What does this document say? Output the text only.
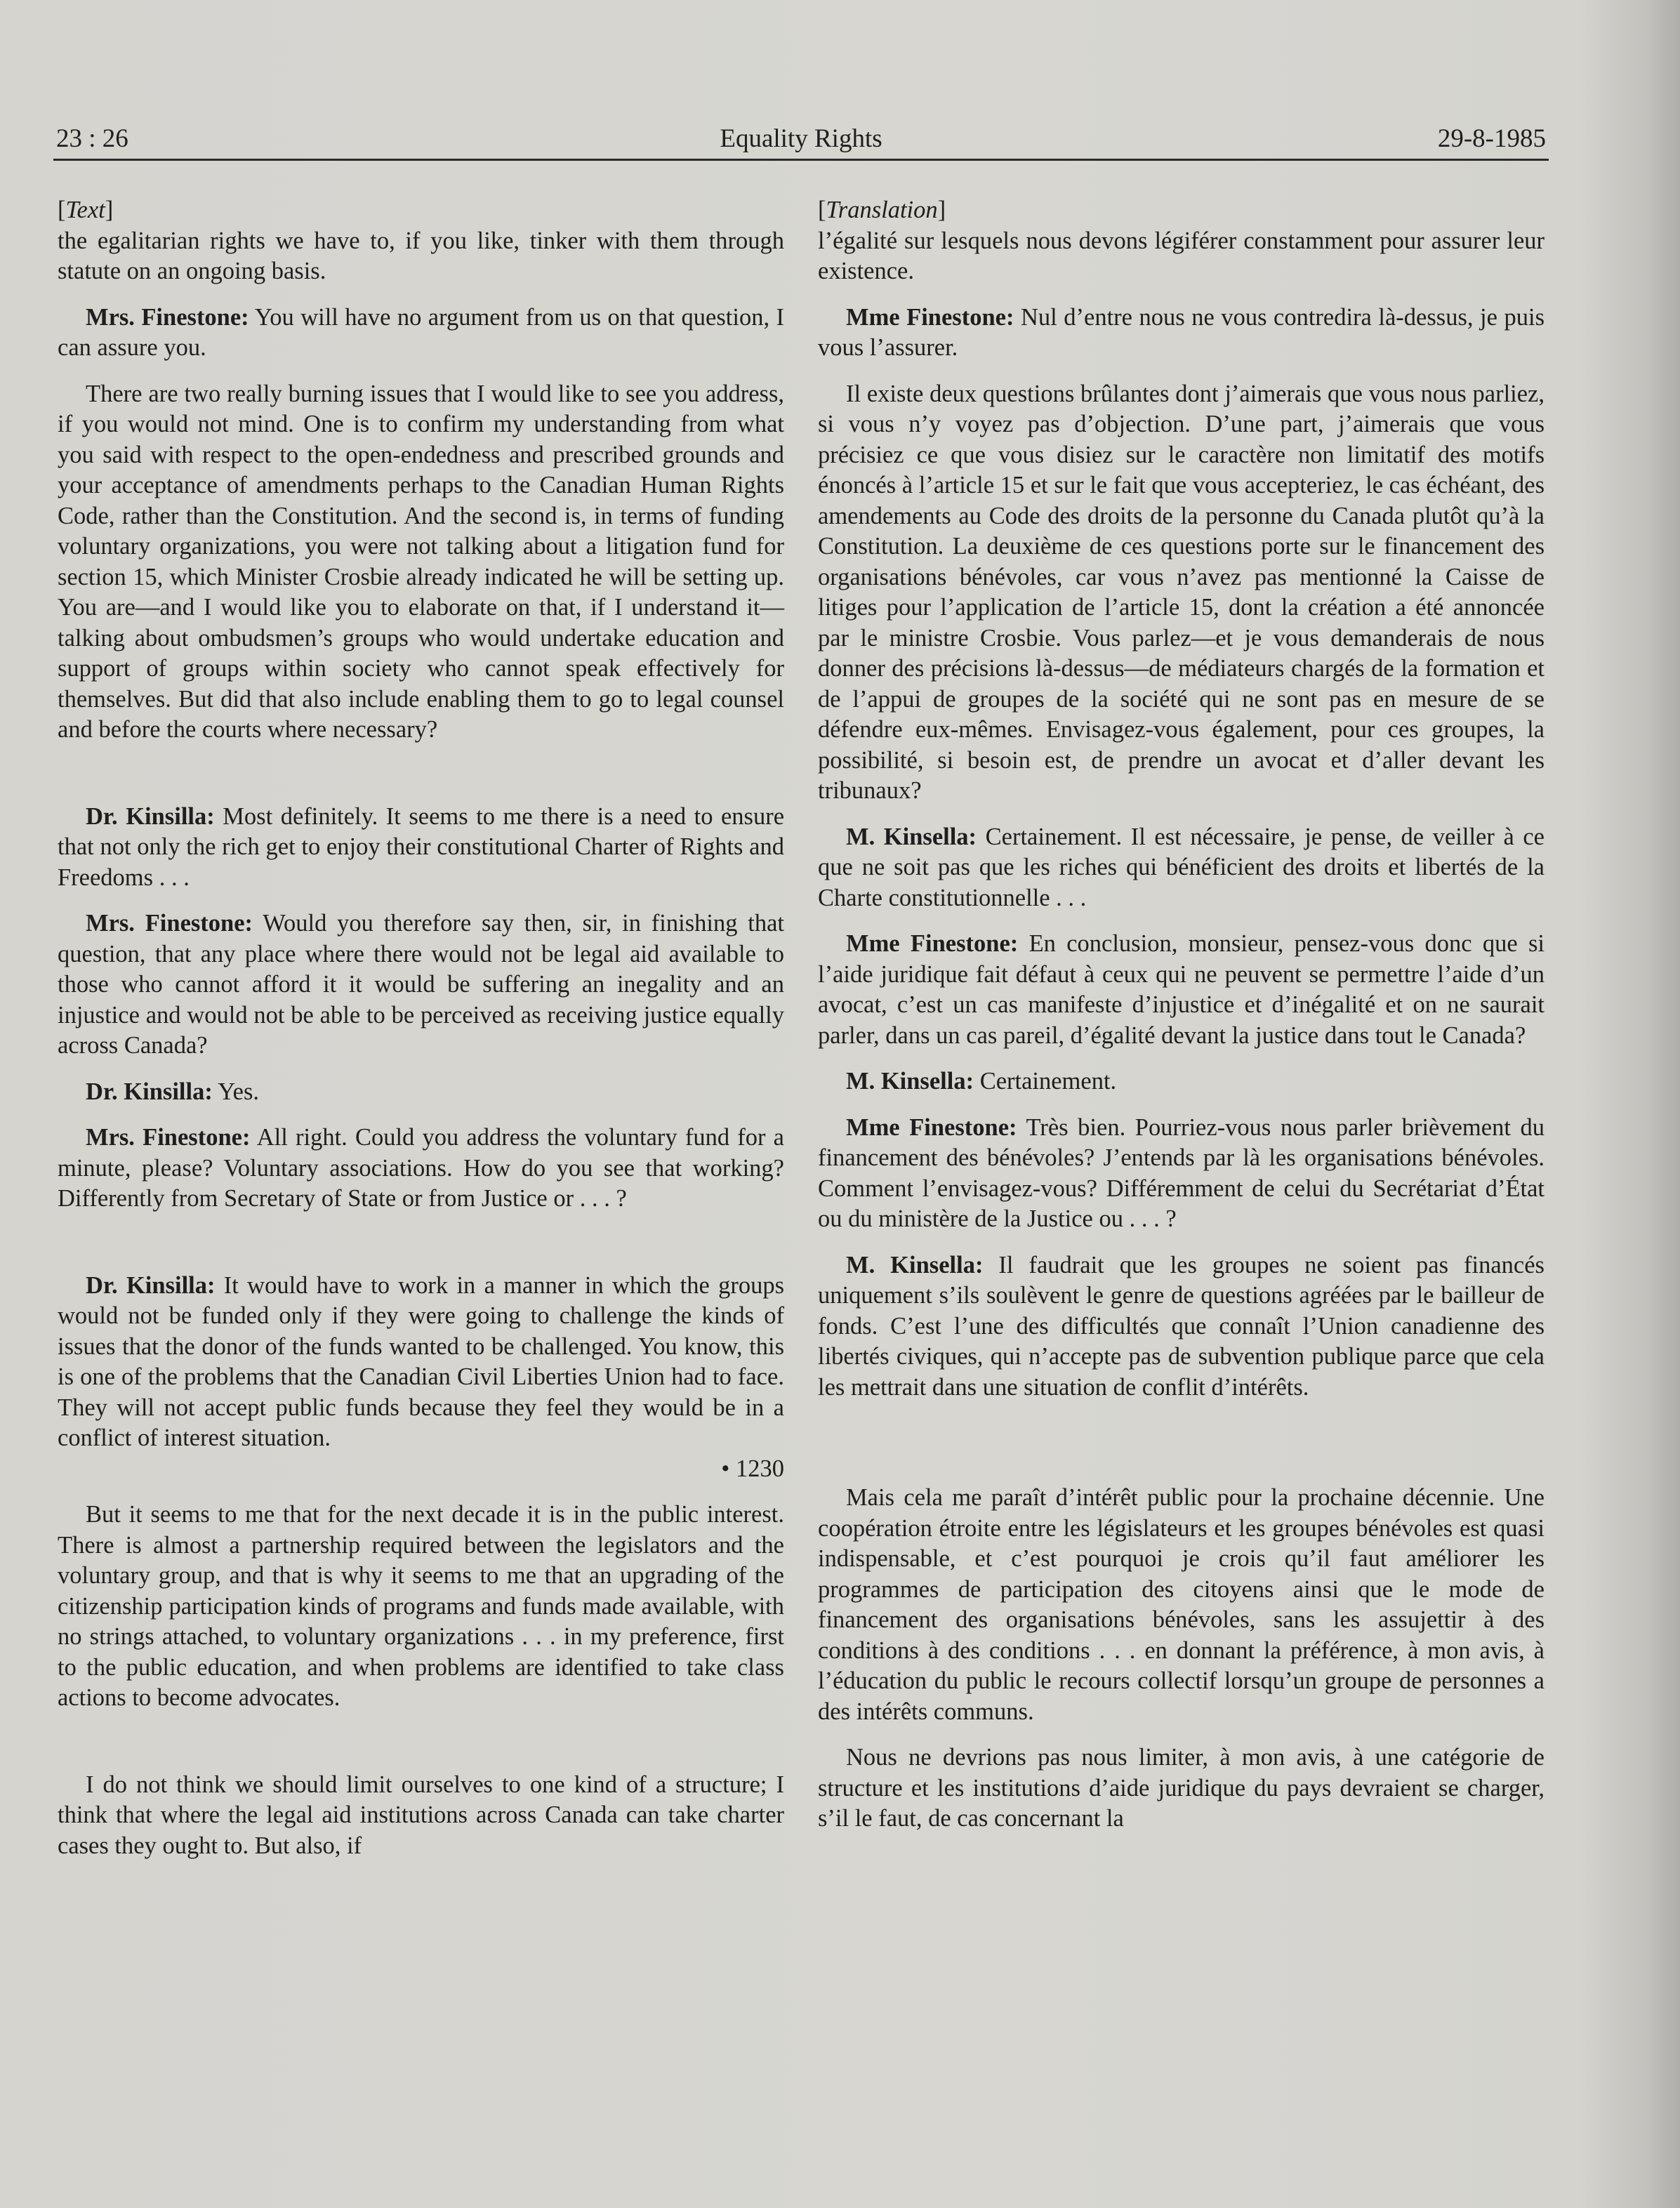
23 : 26	Equality Rights	29-8-1985

[Text]

the egalitarian rights we have to, if you like, tinker with them through statute on an ongoing basis.

Mrs. Finestone: You will have no argument from us on that question, I can assure you.

There are two really burning issues that I would like to see you address, if you would not mind. One is to confirm my understanding from what you said with respect to the open-endedness and prescribed grounds and your acceptance of amendments perhaps to the Canadian Human Rights Code, rather than the Constitution. And the second is, in terms of funding voluntary organizations, you were not talking about a litigation fund for section 15, which Minister Crosbie already indicated he will be setting up. You are—and I would like you to elaborate on that, if I understand it—talking about ombudsmen’s groups who would undertake education and support of groups within society who cannot speak effectively for themselves. But did that also include enabling them to go to legal counsel and before the courts where necessary?

Dr. Kinsilla: Most definitely. It seems to me there is a need to ensure that not only the rich get to enjoy their constitutional Charter of Rights and Freedoms . . .

Mrs. Finestone: Would you therefore say then, sir, in finishing that question, that any place where there would not be legal aid available to those who cannot afford it it would be suffering an inegality and an injustice and would not be able to be perceived as receiving justice equally across Canada?

Dr. Kinsilla: Yes.

Mrs. Finestone: All right. Could you address the voluntary fund for a minute, please? Voluntary associations. How do you see that working? Differently from Secretary of State or from Justice or . . . ?

Dr. Kinsilla: It would have to work in a manner in which the groups would not be funded only if they were going to challenge the kinds of issues that the donor of the funds wanted to be challenged. You know, this is one of the problems that the Canadian Civil Liberties Union had to face. They will not accept public funds because they feel they would be in a conflict of interest situation.

• 1230

But it seems to me that for the next decade it is in the public interest. There is almost a partnership required between the legislators and the voluntary group, and that is why it seems to me that an upgrading of the citizenship participation kinds of programs and funds made available, with no strings attached, to voluntary organizations . . . in my preference, first to the public education, and when problems are identified to take class actions to become advocates.

I do not think we should limit ourselves to one kind of a structure; I think that where the legal aid institutions across Canada can take charter cases they ought to. But also, if

[Translation]

l’égalité sur lesquels nous devons légiférer constamment pour assurer leur existence.

Mme Finestone: Nul d’entre nous ne vous contredira là-dessus, je puis vous l’assurer.

Il existe deux questions brûlantes dont j’aimerais que vous nous parliez, si vous n’y voyez pas d’objection. D’une part, j’aimerais que vous précisiez ce que vous disiez sur le caractère non limitatif des motifs énoncés à l’article 15 et sur le fait que vous accepteriez, le cas échéant, des amendements au Code des droits de la personne du Canada plutôt qu’à la Constitution. La deuxième de ces questions porte sur le financement des organisations bénévoles, car vous n’avez pas mentionné la Caisse de litiges pour l’application de l’article 15, dont la création a été annoncée par le ministre Crosbie. Vous parlez—et je vous demanderais de nous donner des précisions là-dessus—de médiateurs chargés de la formation et de l’appui de groupes de la société qui ne sont pas en mesure de se défendre eux-mêmes. Envisagez-vous également, pour ces groupes, la possibilité, si besoin est, de prendre un avocat et d’aller devant les tribunaux?

M. Kinsella: Certainement. Il est nécessaire, je pense, de veiller à ce que ne soit pas que les riches qui bénéficient des droits et libertés de la Charte constitutionnelle . . .

Mme Finestone: En conclusion, monsieur, pensez-vous donc que si l’aide juridique fait défaut à ceux qui ne peuvent se permettre l’aide d’un avocat, c’est un cas manifeste d’injustice et d’inégalité et on ne saurait parler, dans un cas pareil, d’égalité devant la justice dans tout le Canada?

M. Kinsella: Certainement.

Mme Finestone: Très bien. Pourriez-vous nous parler brièvement du financement des bénévoles? J’entends par là les organisations bénévoles. Comment l’envisagez-vous? Différemment de celui du Secrétariat d’État ou du ministère de la Justice ou . . . ?

M. Kinsella: Il faudrait que les groupes ne soient pas financés uniquement s’ils soulèvent le genre de questions agréées par le bailleur de fonds. C’est l’une des difficultés que connaît l’Union canadienne des libertés civiques, qui n’accepte pas de subvention publique parce que cela les mettrait dans une situation de conflit d’intérêts.

Mais cela me paraît d’intérêt public pour la prochaine décennie. Une coopération étroite entre les législateurs et les groupes bénévoles est quasi indispensable, et c’est pourquoi je crois qu’il faut améliorer les programmes de participation des citoyens ainsi que le mode de financement des organisations bénévoles, sans les assujettir à des conditions à des conditions . . . en donnant la préférence, à mon avis, à l’éducation du public le recours collectif lorsqu’un groupe de personnes a des intérêts communs.

Nous ne devrions pas nous limiter, à mon avis, à une catégorie de structure et les institutions d’aide juridique du pays devraient se charger, s’il le faut, de cas concernant la
